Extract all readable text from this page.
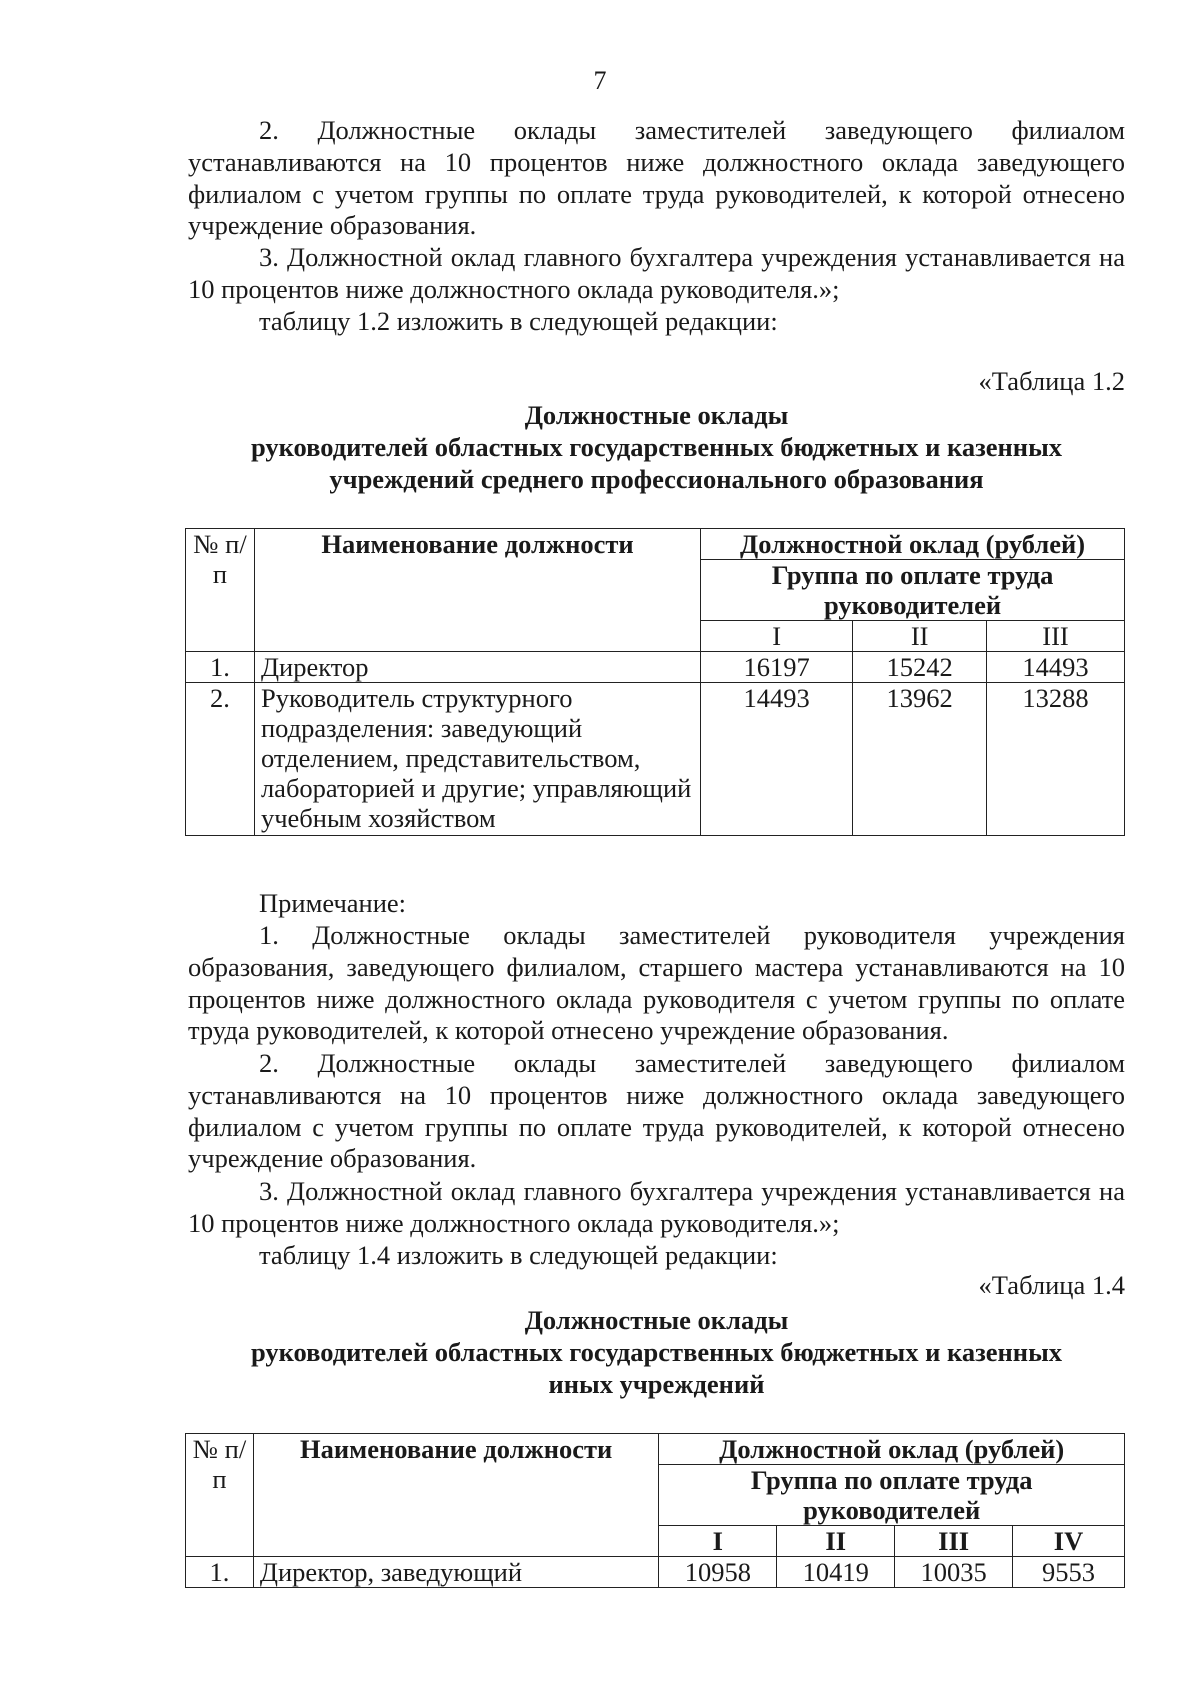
7

2. Должностные оклады заместителей заведующего филиалом устанавливаются на 10 процентов ниже должностного оклада заведующего филиалом с учетом группы по оплате труда руководителей, к которой отнесено учреждение образования.

3. Должностной оклад главного бухгалтера учреждения устанавливается на 10 процентов ниже должностного оклада руководителя.»;

таблицу 1.2 изложить в следующей редакции:

«Таблица 1.2
Должностные оклады
руководителей областных государственных бюджетных и казенных
учреждений среднего профессионального образования
№ п/п	Наименование должности	Должностной оклад (рублей)		
		Группа по оплате труда руководителей		
		I	II	III
1.	Директор	16197	15242	14493
2.	Руководитель структурного подразделения: заведующий отделением, представительством, лабораторией и другие; управляющий учебным хозяйством	14493	13962	13288
Примечание:

1. Должностные оклады заместителей руководителя учреждения образования, заведующего филиалом, старшего мастера устанавливаются на 10 процентов ниже должностного оклада руководителя с учетом группы по оплате труда руководителей, к которой отнесено учреждение образования.

2. Должностные оклады заместителей заведующего филиалом устанавливаются на 10 процентов ниже должностного оклада заведующего филиалом с учетом группы по оплате труда руководителей, к которой отнесено учреждение образования.

3. Должностной оклад главного бухгалтера учреждения устанавливается на 10 процентов ниже должностного оклада руководителя.»;

таблицу 1.4 изложить в следующей редакции:

«Таблица 1.4
Должностные оклады
руководителей областных государственных бюджетных и казенных
иных учреждений
№ п/п	Наименование должности	Должностной оклад (рублей)			
		Группа по оплате труда руководителей			
		I	II	III	IV
1.	Директор, заведующий	10958	10419	10035	9553
